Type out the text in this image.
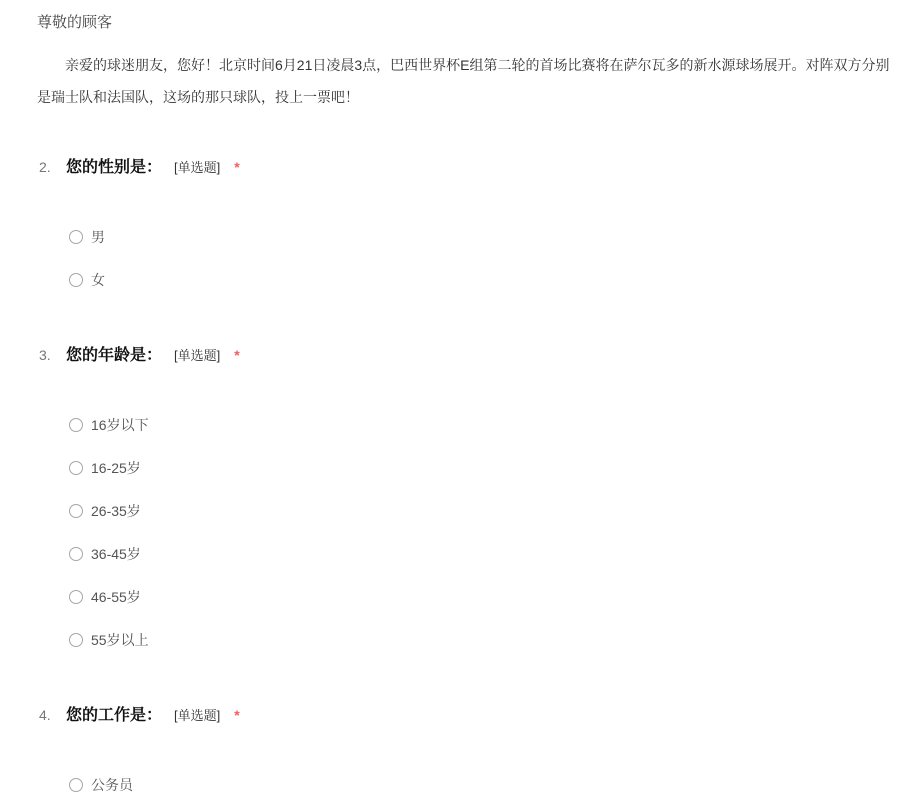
尊敬的顾客

亲爱的球迷朋友，您好！北京时间6月21日凌晨3点，巴西世界杯E组第二轮的首场比赛将在萨尔瓦多的新水源球场展开。对阵双方分别是瑞士队和法国队，这场的那只球队，投上一票吧！

2. 您的性别是： [单选题] *
男
女
3. 您的年龄是： [单选题] *
16岁以下
16-25岁
26-35岁
36-45岁
46-55岁
55岁以上
4. 您的工作是： [单选题] *
公务员
